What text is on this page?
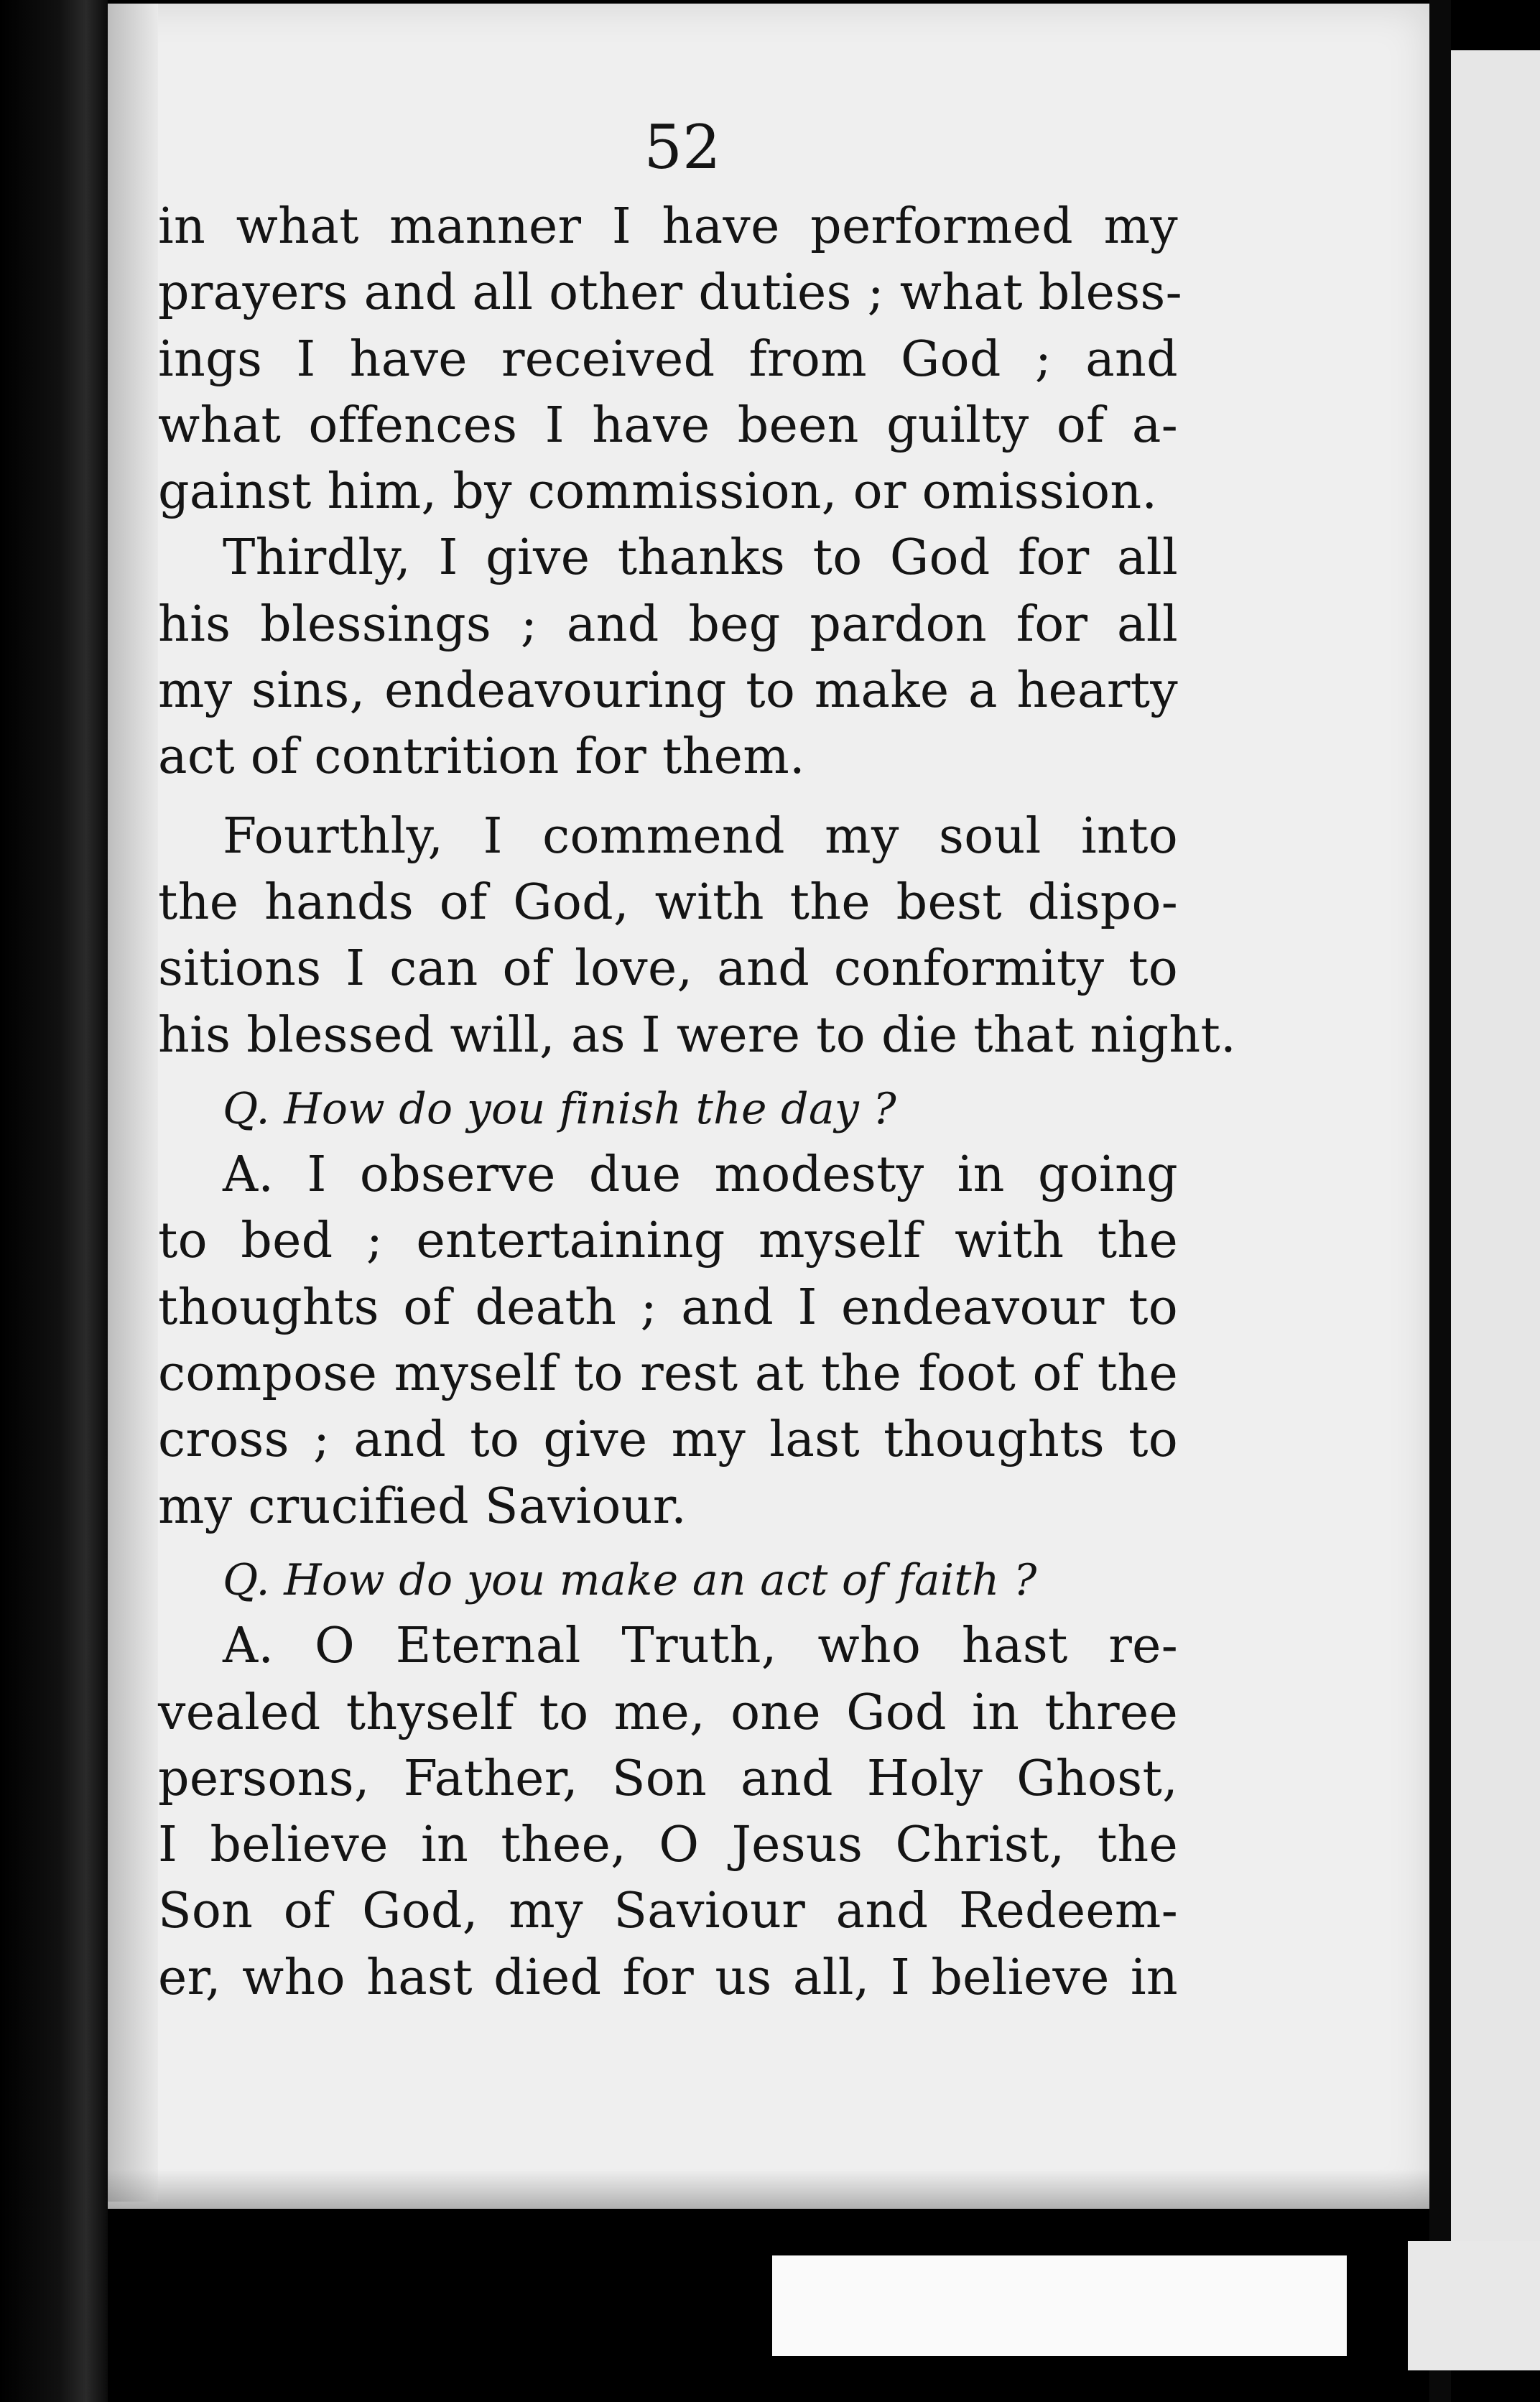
52
in what manner I have performed my
prayers and all other duties ; what bless-
ings I have received from God ; and
what offences I have been guilty of a-
gainst him, by commission, or omission.
Thirdly, I give thanks to God for all
his blessings ; and beg pardon for all
my sins, endeavouring to make a hearty
act of contrition for them.
Fourthly, I commend my soul into
the hands of God, with the best dispo-
sitions I can of love, and conformity to
his blessed will, as I were to die that night.
Q. How do you finish the day ?
A. I observe due modesty in going
to bed ; entertaining myself with the
thoughts of death ; and I endeavour to
compose myself to rest at the foot of the
cross ; and to give my last thoughts to
my crucified Saviour.
Q. How do you make an act of faith ?
A. O Eternal Truth, who hast re-
vealed thyself to me, one God in three
persons, Father, Son and Holy Ghost,
I believe in thee, O Jesus Christ, the
Son of God, my Saviour and Redeem-
er, who hast died for us all, I believe in
